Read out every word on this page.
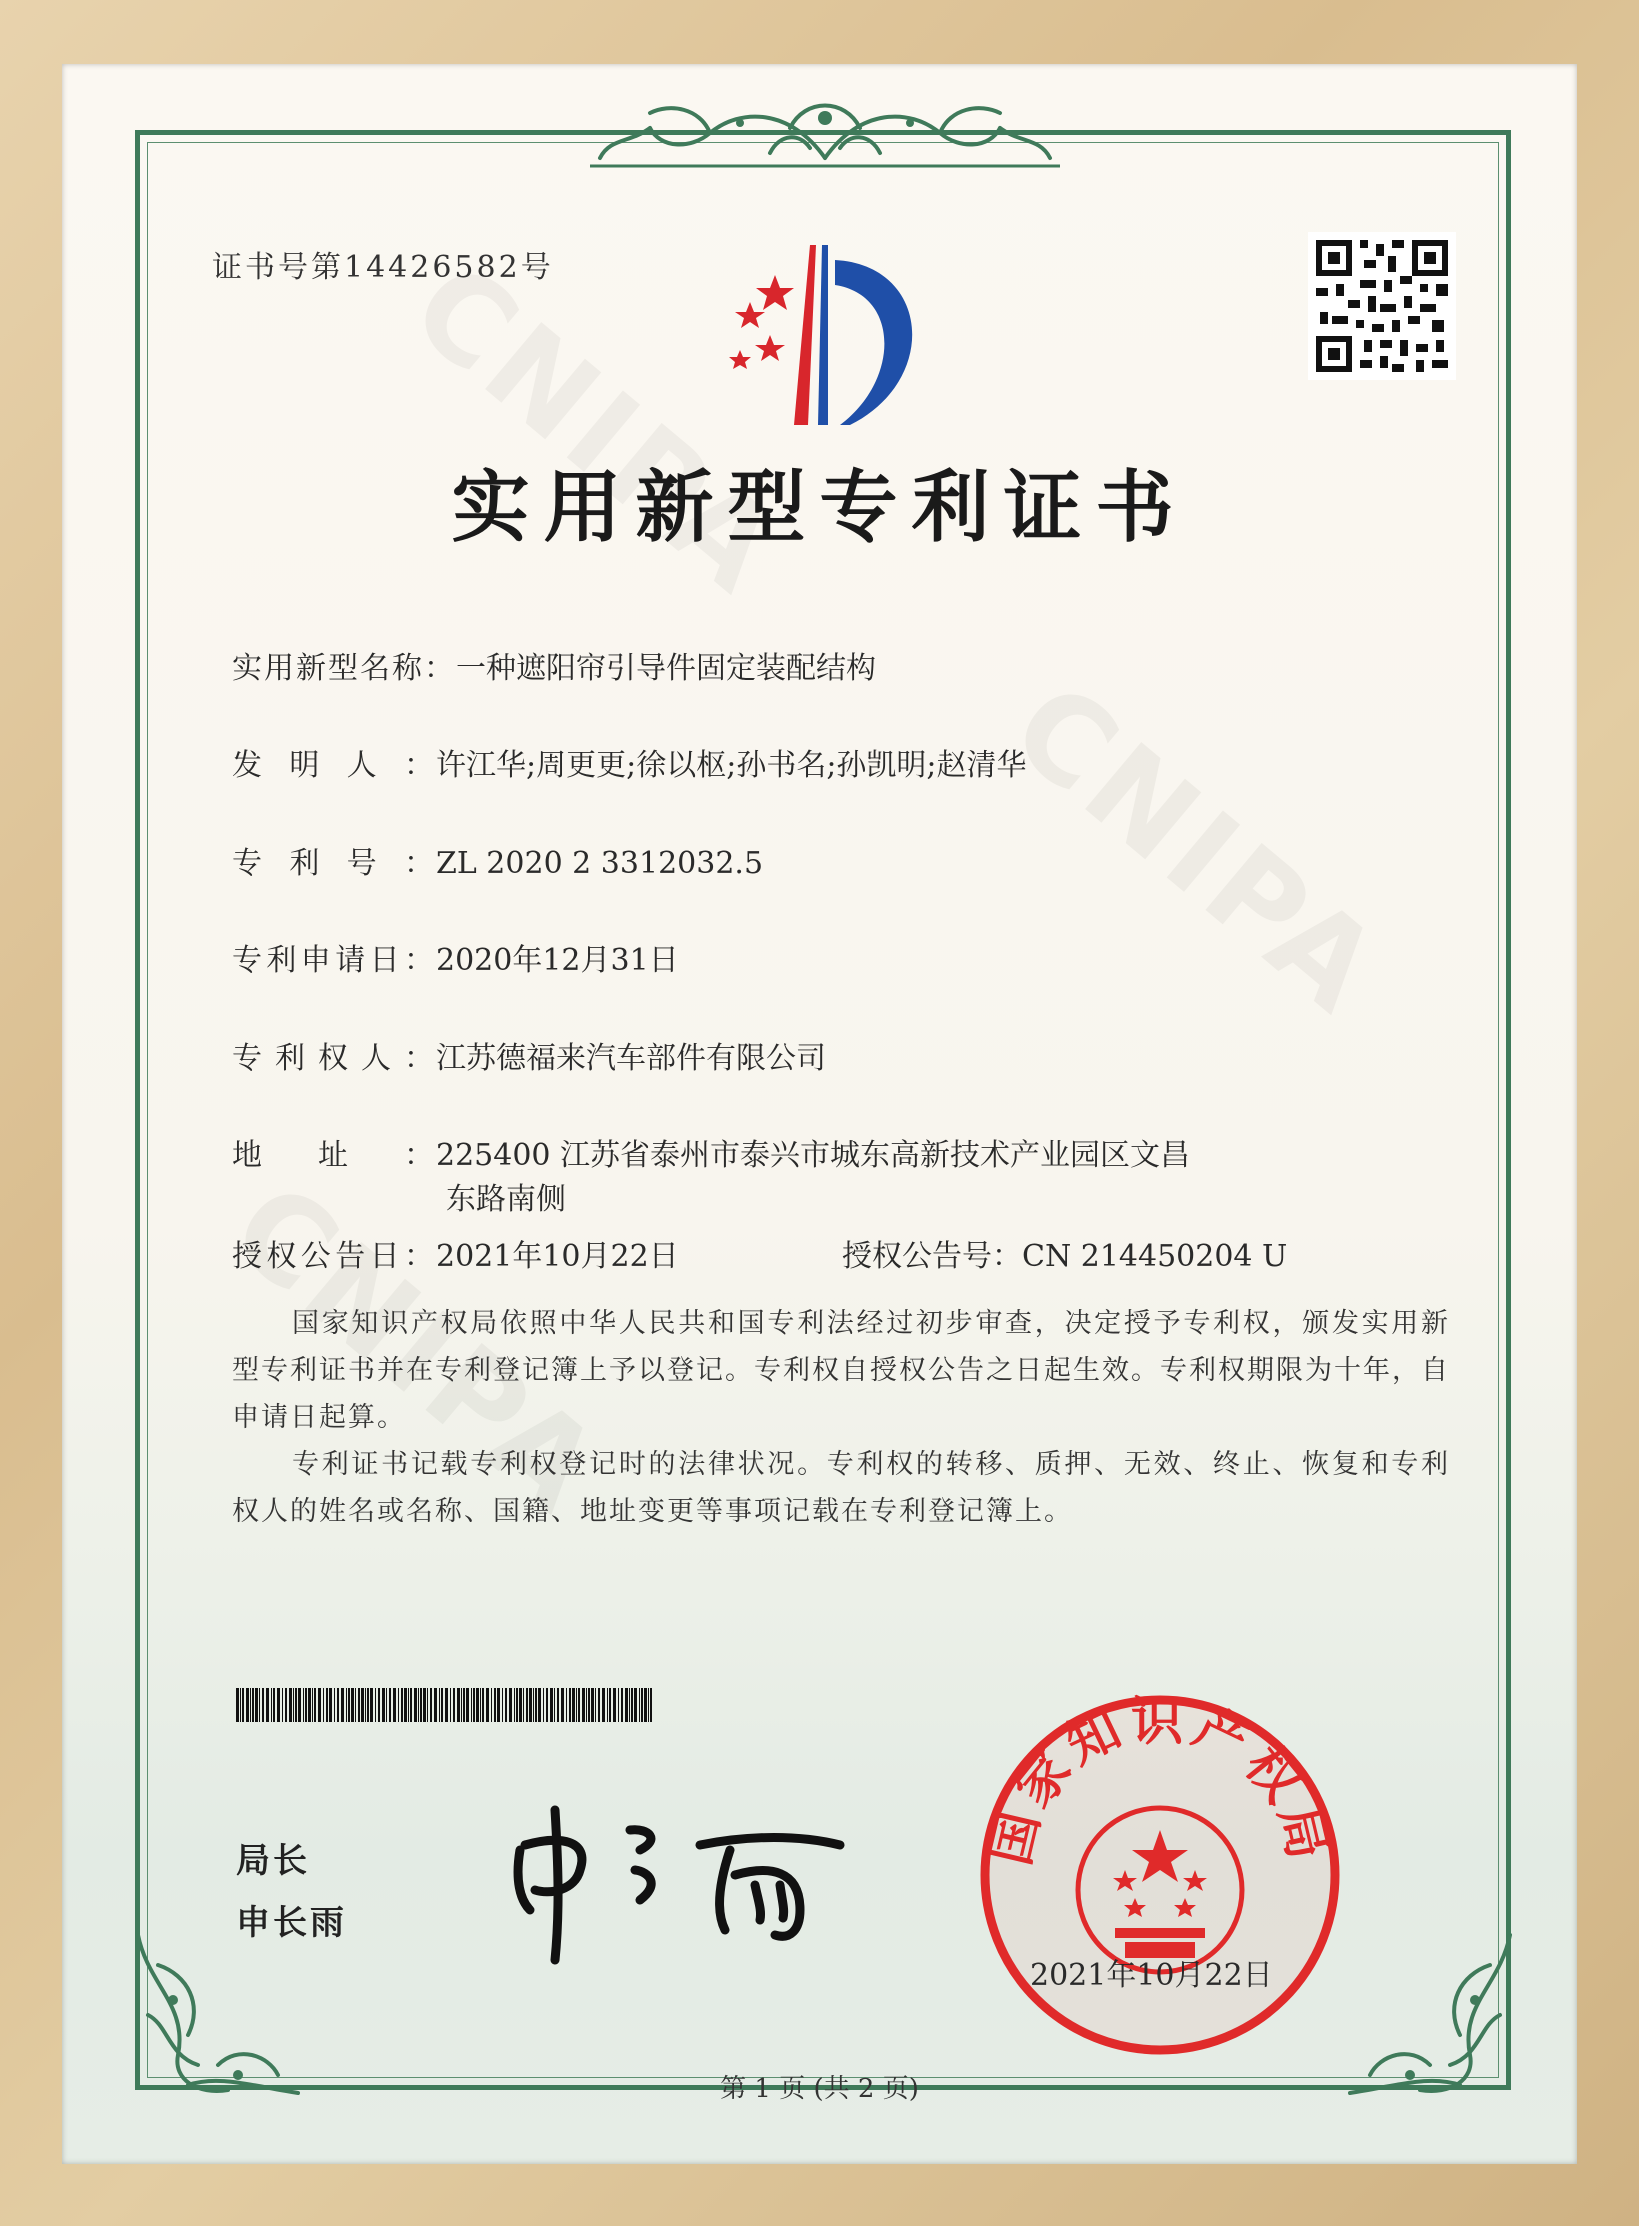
证书号第14426582号
实用新型专利证书
实用新型名称：一种遮阳帘引导件固定装配结构
发明人：许江华;周更更;徐以枢;孙书名;孙凯明;赵清华
专利号：ZL 2020 2 3312032.5
专利申请日：2020年12月31日
专利权人：江苏德福来汽车部件有限公司
地址：225400 江苏省泰州市泰兴市城东高新技术产业园区文昌
东路南侧
授权公告日：2021年10月22日	授权公告号：CN 214450204 U

国家知识产权局依照中华人民共和国专利法经过初步审查，决定授予专利权，颁发实用新型专利证书并在专利登记簿上予以登记。专利权自授权公告之日起生效。专利权期限为十年，自申请日起算。

专利证书记载专利权登记时的法律状况。专利权的转移、质押、无效、终止、恢复和专利权人的姓名或名称、国籍、地址变更等事项记载在专利登记簿上。

局长
申长雨
国家知识产权局
2021年10月22日
第 1 页 (共 2 页)
